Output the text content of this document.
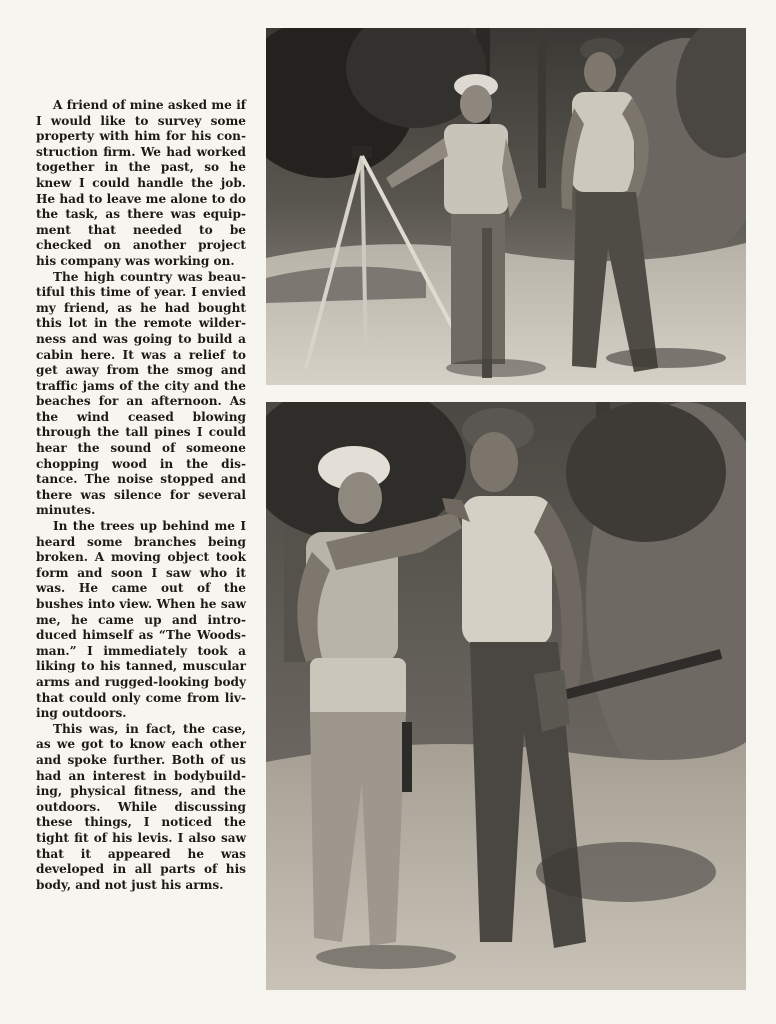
A friend of mine asked me if I would like to survey some property with him for his construction firm. We had worked together in the past, so he knew I could handle the job. He had to leave me alone to do the task, as there was equipment that needed to be checked on another project his company was working on.

The high country was beautiful this time of year. I envied my friend, as he had bought this lot in the remote wilderness and was going to build a cabin here. It was a relief to get away from the smog and traffic jams of the city and the beaches for an afternoon. As the wind ceased blowing through the tall pines I could hear the sound of someone chopping wood in the distance. The noise stopped and there was silence for several minutes.

In the trees up behind me I heard some branches being broken. A moving object took form and soon I saw who it was. He came out of the bushes into view. When he saw me, he came up and introduced himself as “The Woodsman.” I immediately took a liking to his tanned, muscular arms and rugged-looking body that could only come from living outdoors.

This was, in fact, the case, as we got to know each other and spoke further. Both of us had an interest in bodybuilding, physical fitness, and the outdoors. While discussing these things, I noticed the tight fit of his levis. I also saw that it appeared he was developed in all parts of his body, and not just his arms.
